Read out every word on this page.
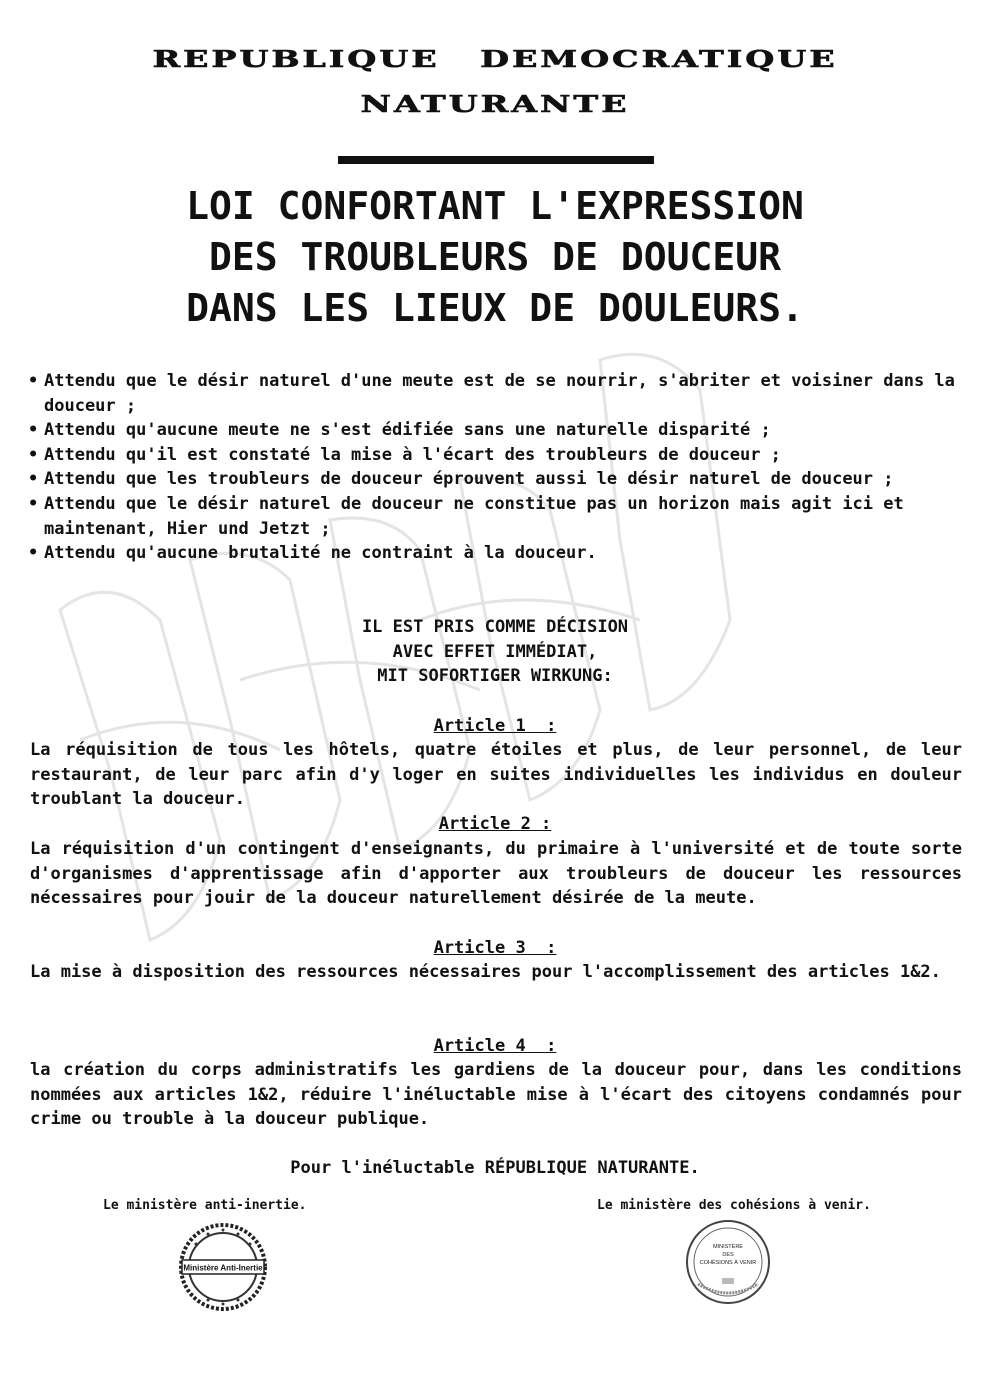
REPUBLIQUE DEMOCRATIQUE
NATURANTE
LOI CONFORTANT L'EXPRESSION
DES TROUBLEURS DE DOUCEUR
DANS LES LIEUX DE DOULEURS.
• Attendu que le désir naturel d'une meute est de se nourrir, s'abriter et voisiner dans la douceur ;
• Attendu qu'aucune meute ne s'est édifiée sans une naturelle disparité ;
• Attendu qu'il est constaté la mise à l'écart des troubleurs de douceur ;
• Attendu que les troubleurs de douceur éprouvent aussi le désir naturel de douceur ;
• Attendu que le désir naturel de douceur ne constitue pas un horizon mais agit ici et maintenant, Hier und Jetzt ;
• Attendu qu'aucune brutalité ne contraint à la douceur.
IL EST PRIS COMME DÉCISION
AVEC EFFET IMMÉDIAT,
MIT SOFORTIGER WIRKUNG:
Article 1  :
La réquisition de tous les hôtels, quatre étoiles et plus, de leur personnel, de leur restaurant, de leur parc afin d'y loger en suites individuelles les individus en douleur troublant la douceur.
Article 2 :
La réquisition d'un contingent d'enseignants, du primaire à l'université et de toute sorte d'organismes d'apprentissage afin d'apporter aux troubleurs de douceur les ressources nécessaires pour jouir de la douceur naturellement désirée de la meute.
Article 3  :
La mise à disposition des ressources nécessaires pour l'accomplissement des articles 1&2.
Article 4  :
la création du corps administratifs les gardiens de la douceur pour, dans les conditions nommées aux articles 1&2, réduire l'inéluctable mise à l'écart des citoyens condamnés pour crime ou trouble à la douceur publique.
Pour l'inéluctable RÉPUBLIQUE NATURANTE.
Le ministère anti-inertie.	Le ministère des cohésions à venir.
Ministère Anti-Inertie
MINISTÈRE
DES
COHÉSIONS À VENIR
